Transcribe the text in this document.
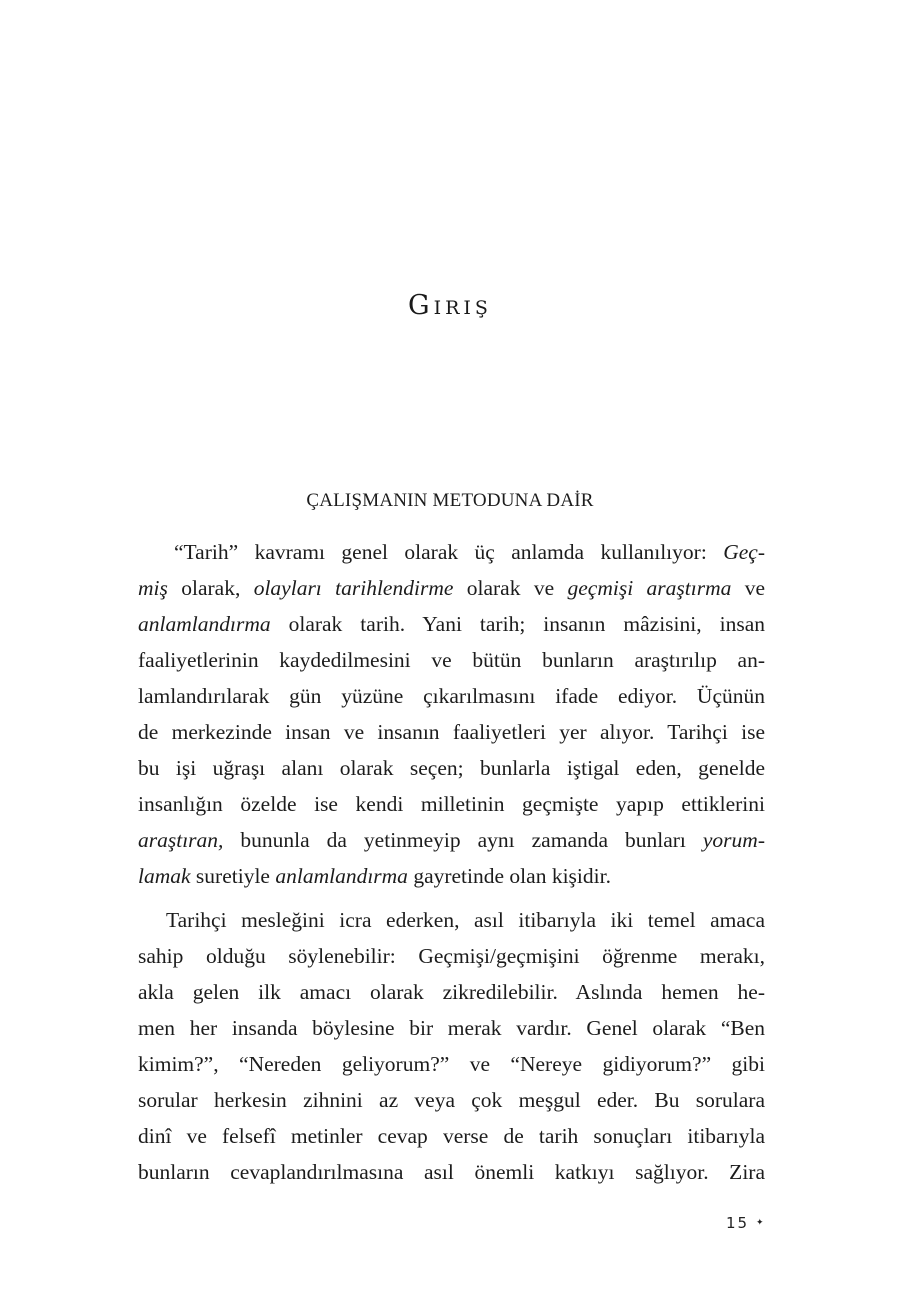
Giriş
ÇALIŞMANIN METODUNA DAİR

“Tarih” kavramı genel olarak üç anlamda kullanılıyor: Geç-

miş olarak, olayları tarihlendirme olarak ve geçmişi araştırma ve

anlamlandırma olarak tarih. Yani tarih; insanın mâzisini, insan

faaliyetlerinin kaydedilmesini ve bütün bunların araştırılıp an-

lamlandırılarak gün yüzüne çıkarılmasını ifade ediyor. Üçünün

de merkezinde insan ve insanın faaliyetleri yer alıyor. Tarihçi ise

bu işi uğraşı alanı olarak seçen; bunlarla iştigal eden, genelde

insanlığın özelde ise kendi milletinin geçmişte yapıp ettiklerini

araştıran, bununla da yetinmeyip aynı zamanda bunları yorum-

lamak suretiyle anlamlandırma gayretinde olan kişidir.

Tarihçi mesleğini icra ederken, asıl itibarıyla iki temel amaca

sahip olduğu söylenebilir: Geçmişi/geçmişini öğrenme merakı,

akla gelen ilk amacı olarak zikredilebilir. Aslında hemen he-

men her insanda böylesine bir merak vardır. Genel olarak “Ben

kimim?”, “Nereden geliyorum?” ve “Nereye gidiyorum?” gibi

sorular herkesin zihnini az veya çok meşgul eder. Bu sorulara

dinî ve felsefî metinler cevap verse de tarih sonuçları itibarıyla

bunların cevaplandırılmasına asıl önemli katkıyı sağlıyor. Zira

15 ✦
